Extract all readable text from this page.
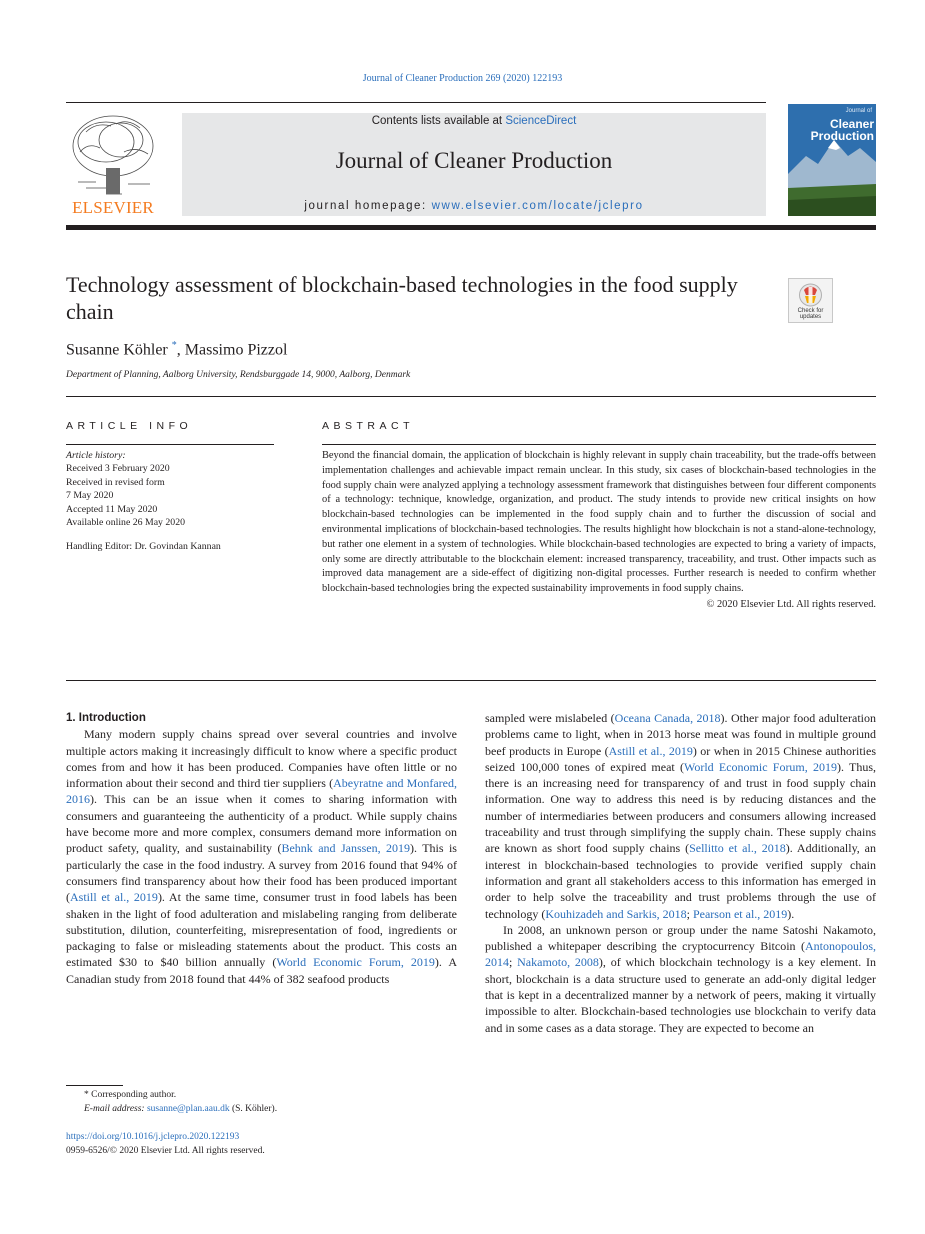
Journal of Cleaner Production 269 (2020) 122193
ELSEVIER
Contents lists available at ScienceDirect
Journal of Cleaner Production
journal homepage: www.elsevier.com/locate/jclepro
Journal of
Cleaner
Production
Technology assessment of blockchain-based technologies in the food supply chain	Check for
updates
Susanne Köhler *, Massimo Pizzol
Department of Planning, Aalborg University, Rendsburggade 14, 9000, Aalborg, Denmark
ARTICLE INFO	ABSTRACT
Article history:
Received 3 February 2020
Received in revised form
7 May 2020
Accepted 11 May 2020
Available online 26 May 2020
Handling Editor: Dr. Govindan Kannan
Beyond the financial domain, the application of blockchain is highly relevant in supply chain traceability, but the trade-offs between implementation challenges and achievable impact remain unclear. In this study, six cases of blockchain-based technologies in the food supply chain were analyzed applying a technology assessment framework that distinguishes between four different components of a technology: technique, knowledge, organization, and product. The study intends to provide new critical insights on how blockchain-based technologies can be implemented in the food supply chain and to further the discussion of social and environmental implications of blockchain-based technologies. The results highlight how blockchain is not a stand-alone-technology, but rather one element in a system of technologies. While blockchain-based technologies are expected to bring a variety of impacts, only some are directly attributable to the blockchain element: increased transparency, traceability, and trust. Other impacts such as improved data management are a side-effect of digitizing non-digital processes. Further research is needed to confirm whether blockchain-based technologies bring the expected sustainability improvements in food supply chains.
© 2020 Elsevier Ltd. All rights reserved.

1. Introduction

Many modern supply chains spread over several countries and involve multiple actors making it increasingly difficult to know where a specific product comes from and how it has been produced. Companies have often little or no information about their second and third tier suppliers (Abeyratne and Monfared, 2016). This can be an issue when it comes to sharing information with consumers and guaranteeing the authenticity of a product. While supply chains have become more and more complex, consumers demand more information on product safety, quality, and sustainability (Behnk and Janssen, 2019). This is particularly the case in the food industry. A survey from 2016 found that 94% of consumers find transparency about how their food has been produced important (Astill et al., 2019). At the same time, consumer trust in food labels has been shaken in the light of food adulteration and mislabeling ranging from deliberate substitution, dilution, counterfeiting, misrepresentation of food, ingredients or packaging to false or misleading statements about the product. This costs an estimated $30 to $40 billion annually (World Economic Forum, 2019). A Canadian study from 2018 found that 44% of 382 seafood products

sampled were mislabeled (Oceana Canada, 2018). Other major food adulteration problems came to light, when in 2013 horse meat was found in multiple ground beef products in Europe (Astill et al., 2019) or when in 2015 Chinese authorities seized 100,000 tones of expired meat (World Economic Forum, 2019). Thus, there is an increasing need for transparency of and trust in food supply chain information. One way to address this need is by reducing distances and the number of intermediaries between producers and consumers allowing increased traceability and trust through simplifying the supply chain. These supply chains are known as short food supply chains (Sellitto et al., 2018). Additionally, an interest in blockchain-based technologies to provide verified supply chain information and grant all stakeholders access to this information has emerged in order to help solve the traceability and trust problems through the use of technology (Kouhizadeh and Sarkis, 2018; Pearson et al., 2019).

In 2008, an unknown person or group under the name Satoshi Nakamoto, published a whitepaper describing the cryptocurrency Bitcoin (Antonopoulos, 2014; Nakamoto, 2008), of which blockchain technology is a key element. In short, blockchain is a data structure used to generate an add-only digital ledger that is kept in a decentralized manner by a network of peers, making it virtually impossible to alter. Blockchain-based technologies use blockchain to verify data and in some cases as a data storage. They are expected to become an

* Corresponding author.
E-mail address: susanne@plan.aau.dk (S. Köhler).
https://doi.org/10.1016/j.jclepro.2020.122193
0959-6526/© 2020 Elsevier Ltd. All rights reserved.
